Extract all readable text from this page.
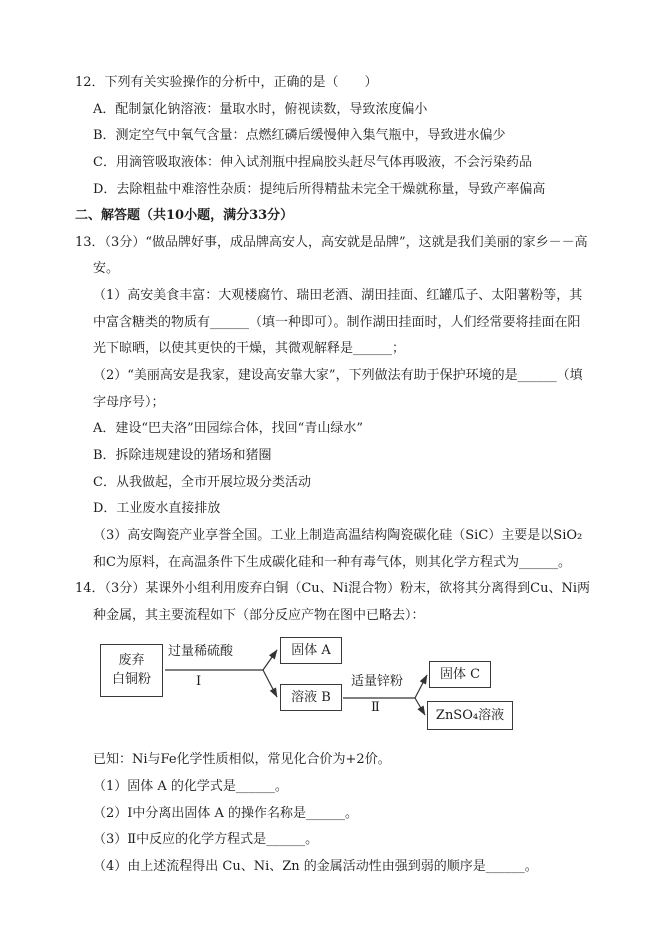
12．下列有关实验操作的分析中，正确的是（　　）

A．配制氯化钠溶液：量取水时，俯视读数，导致浓度偏小

B．测定空气中氧气含量：点燃红磷后缓慢伸入集气瓶中，导致进水偏少

C．用滴管吸取液体：伸入试剂瓶中捏扁胶头赶尽气体再吸液，不会污染药品

D．去除粗盐中难溶性杂质：提纯后所得精盐未完全干燥就称量，导致产率偏高

二、解答题（共10小题，满分33分）

13．（3分）“做品牌好事，成品牌高安人，高安就是品牌”，这就是我们美丽的家乡－－高安。

（1）高安美食丰富：大观楼腐竹、瑞田老酒、湖田挂面、红罐瓜子、太阳薯粉等，其中富含糖类的物质有______（填一种即可）。制作湖田挂面时，人们经常要将挂面在阳光下晾晒，以使其更快的干燥，其微观解释是______；

（2）“美丽高安是我家，建设高安靠大家”，下列做法有助于保护环境的是______（填字母序号）；

A．建设“巴夫洛”田园综合体，找回“青山绿水”

B．拆除违规建设的猪场和猪圈

C．从我做起，全市开展垃圾分类活动

D．工业废水直接排放

（3）高安陶瓷产业享誉全国。工业上制造高温结构陶瓷碳化硅（SiC）主要是以SiO₂和C为原料，在高温条件下生成碳化硅和一种有毒气体，则其化学方程式为______。

14．（3分）某课外小组利用废弃白铜（Cu、Ni混合物）粉末，欲将其分离得到Cu、Ni两种金属，其主要流程如下（部分反应产物在图中已略去）：

废弃
白铜粉
过量稀硫酸
Ⅰ
固体 A
溶液 B
适量锌粉
Ⅱ
固体 C
ZnSO₄溶液

已知：Ni与Fe化学性质相似，常见化合价为+2价。

（1）固体 A 的化学式是______。

（2）Ⅰ中分离出固体 A 的操作名称是______。

（3）Ⅱ中反应的化学方程式是______。

（4）由上述流程得出 Cu、Ni、Zn 的金属活动性由强到弱的顺序是______。
